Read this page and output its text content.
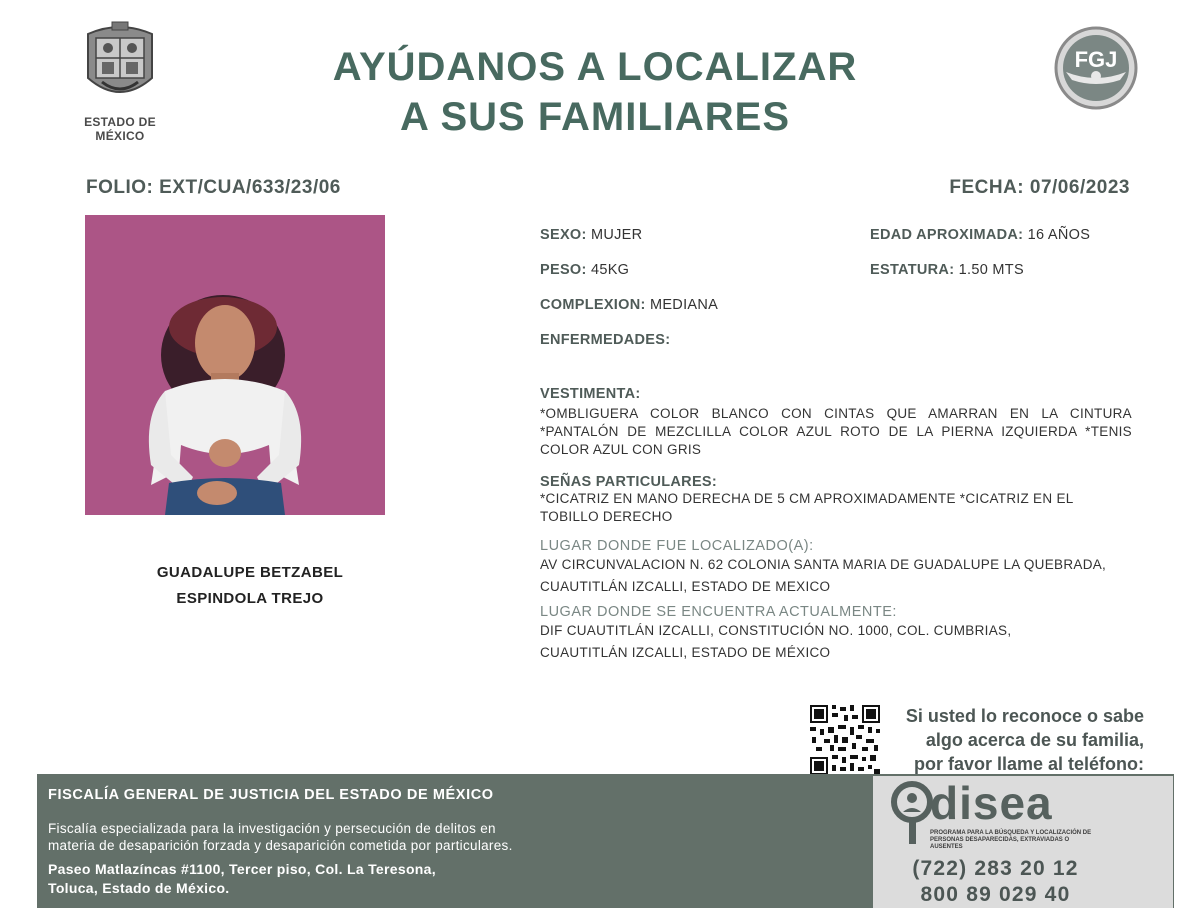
ESTADO DE MÉXICO
AYÚDANOS A LOCALIZAR
A SUS FAMILIARES
FGJ
FOLIO: EXT/CUA/633/23/06	FECHA: 07/06/2023
GUADALUPE BETZABEL
ESPINDOLA TREJO
SEXO: MUJER	EDAD APROXIMADA: 16 AÑOS
PESO: 45KG	ESTATURA: 1.50 MTS
COMPLEXION: MEDIANA
ENFERMEDADES:
VESTIMENTA:
*OMBLIGUERA COLOR BLANCO CON CINTAS QUE AMARRAN EN LA CINTURA *PANTALÓN DE MEZCLILLA COLOR AZUL ROTO DE LA PIERNA IZQUIERDA *TENIS COLOR AZUL CON GRIS
SEÑAS PARTICULARES:
*CICATRIZ EN MANO DERECHA DE 5 CM APROXIMADAMENTE *CICATRIZ EN EL TOBILLO DERECHO
LUGAR DONDE FUE LOCALIZADO(A):
AV CIRCUNVALACION N. 62 COLONIA SANTA MARIA DE GUADALUPE LA QUEBRADA,
CUAUTITLÁN IZCALLI, ESTADO DE MEXICO
LUGAR DONDE SE ENCUENTRA ACTUALMENTE:
DIF CUAUTITLÁN IZCALLI, CONSTITUCIÓN NO. 1000, COL. CUMBRIAS,
CUAUTITLÁN IZCALLI, ESTADO DE MÉXICO
Si usted lo reconoce o sabe
algo acerca de su familia,
por favor llame al teléfono:
FISCALÍA GENERAL DE JUSTICIA DEL ESTADO DE MÉXICO
Fiscalía especializada para la investigación y persecución de delitos en
materia de desaparición forzada y desaparición cometida por particulares.
Paseo Matlazíncas #1100, Tercer piso, Col. La Teresona,
Toluca, Estado de México.
disea
PROGRAMA PARA LA BÚSQUEDA Y LOCALIZACIÓN DE PERSONAS DESAPARECIDAS, EXTRAVIADAS O AUSENTES
(722) 283 20 12
800 89 029 40
